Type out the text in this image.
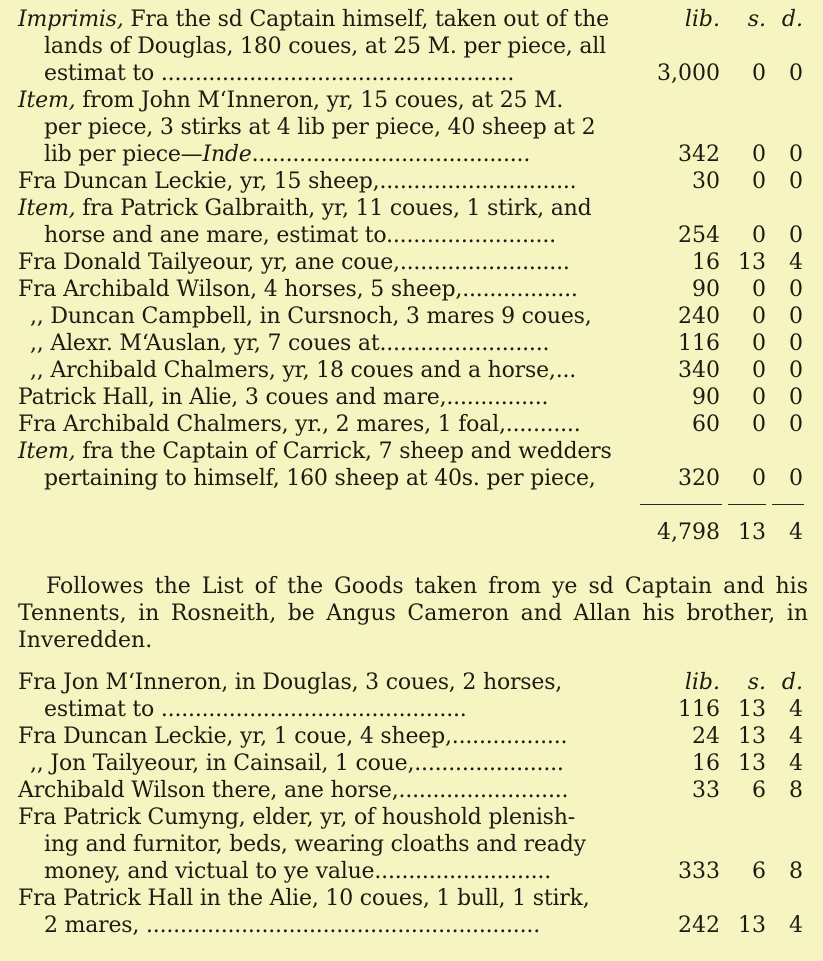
Imprimis, Fra the sd Captain himself, taken out of the	lib.	s. d.
lands of Douglas, 180 coues, at 25 M. per piece, all
estimat to ....................................................	3,000	0	0
Item, from John M‘Inneron, yr, 15 coues, at 25 M.
per piece, 3 stirks at 4 lib per piece, 40 sheep at 2
lib per piece—Inde.........................................	342	0	0
Fra Duncan Leckie, yr, 15 sheep,.............................	30	0	0
Item, fra Patrick Galbraith, yr, 11 coues, 1 stirk, and
horse and ane mare, estimat to.........................	254	0	0
Fra Donald Tailyeour, yr, ane coue,.........................	16 13	4
Fra Archibald Wilson, 4 horses, 5 sheep,.................	90	0	0
,, Duncan Campbell, in Cursnoch, 3 mares 9 coues,	240	0	0
,, Alexr. M‘Auslan, yr, 7 coues at.........................	116	0	0
,, Archibald Chalmers, yr, 18 coues and a horse,...	340	0	0
Patrick Hall, in Alie, 3 coues and mare,...............	90	0	0
Fra Archibald Chalmers, yr., 2 mares, 1 foal,...........	60	0	0
Item, fra the Captain of Carrick, 7 sheep and wedders
pertaining to himself, 160 sheep at 40s. per piece,	320	0	0
4,798 13	4
Followes the List of the Goods taken from ye sd Captain and his Tennents, in Rosneith, be Angus Cameron and Allan his brother, in Inveredden.
Fra Jon M‘Inneron, in Douglas, 3 coues, 2 horses,	lib.	s. d.
estimat to .............................................	116 13	4
Fra Duncan Leckie, yr, 1 coue, 4 sheep,.................	24 13	4
,, Jon Tailyeour, in Cainsail, 1 coue,......................	16 13	4
Archibald Wilson there, ane horse,.........................	33	6	8
Fra Patrick Cumyng, elder, yr, of houshold plenish-
ing and furnitor, beds, wearing cloaths and ready
money, and victual to ye value..........................	333	6	8
Fra Patrick Hall in the Alie, 10 coues, 1 bull, 1 stirk,
2 mares, ..........................................................	242 13	4
